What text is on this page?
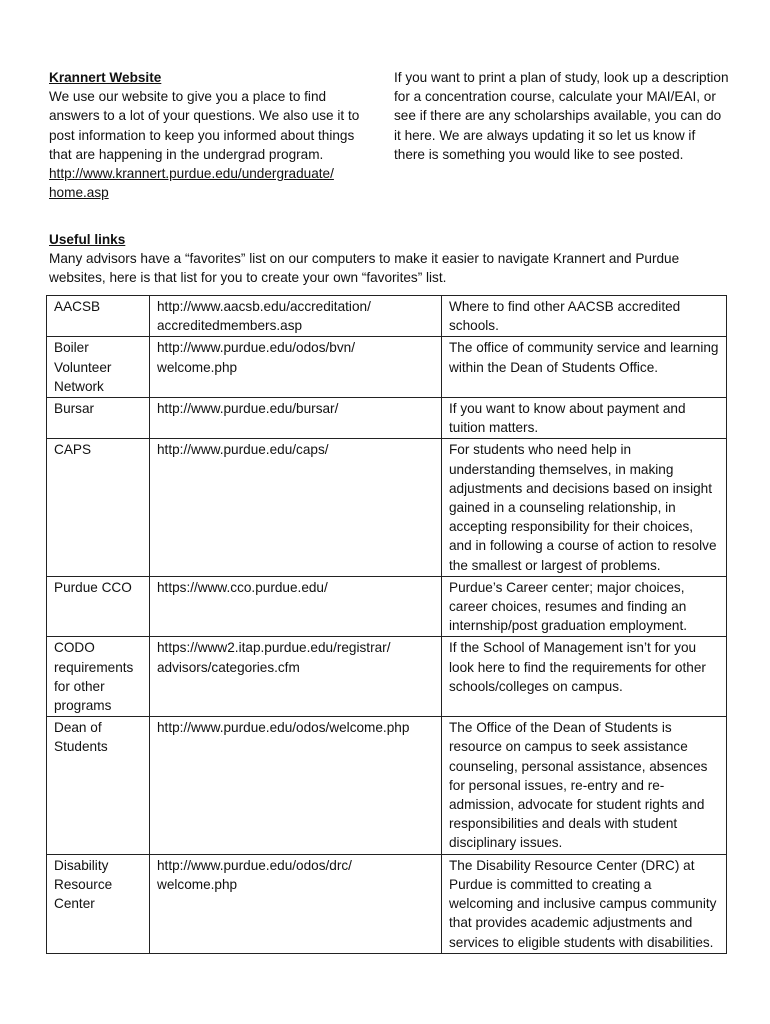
Krannert Website
We use our website to give you a place to find answers to a lot of your questions. We also use it to post information to keep you informed about things that are happening in the undergrad program.
http://www.krannert.purdue.edu/undergraduate/
home.asp
If you want to print a plan of study, look up a description for a concentration course, calculate your MAI/EAI, or see if there are any scholarships available, you can do it here. We are always updating it so let us know if there is something you would like to see posted.
Useful links
Many advisors have a “favorites” list on our computers to make it easier to navigate Krannert and Purdue websites, here is that list for you to create your own “favorites” list.
AACSB	http://www.aacsb.edu/accreditation/ accreditedmembers.asp	Where to find other AACSB accredited schools.
Boiler Volunteer Network	http://www.purdue.edu/odos/bvn/ welcome.php	The office of community service and learning within the Dean of Students Office.
Bursar	http://www.purdue.edu/bursar/	If you want to know about payment and tuition matters.
CAPS	http://www.purdue.edu/caps/	For students who need help in understanding themselves, in making adjustments and decisions based on insight gained in a counseling relationship, in accepting responsibility for their choices, and in following a course of action to resolve the smallest or largest of problems.
Purdue CCO	https://www.cco.purdue.edu/	Purdue’s Career center; major choices, career choices, resumes and finding an internship/post graduation employment.
CODO requirements for other programs	https://www2.itap.purdue.edu/registrar/ advisors/categories.cfm	If the School of Management isn’t for you look here to find the requirements for other schools/colleges on campus.
Dean of Students	http://www.purdue.edu/odos/welcome.php	The Office of the Dean of Students is resource on campus to seek assistance counseling, personal assistance, absences for personal issues, re-entry and re-admission, advocate for student rights and responsibilities and deals with student disciplinary issues.
Disability Resource Center	http://www.purdue.edu/odos/drc/ welcome.php	The Disability Resource Center (DRC) at Purdue is committed to creating a welcoming and inclusive campus community that provides academic adjustments and services to eligible students with disabilities.
